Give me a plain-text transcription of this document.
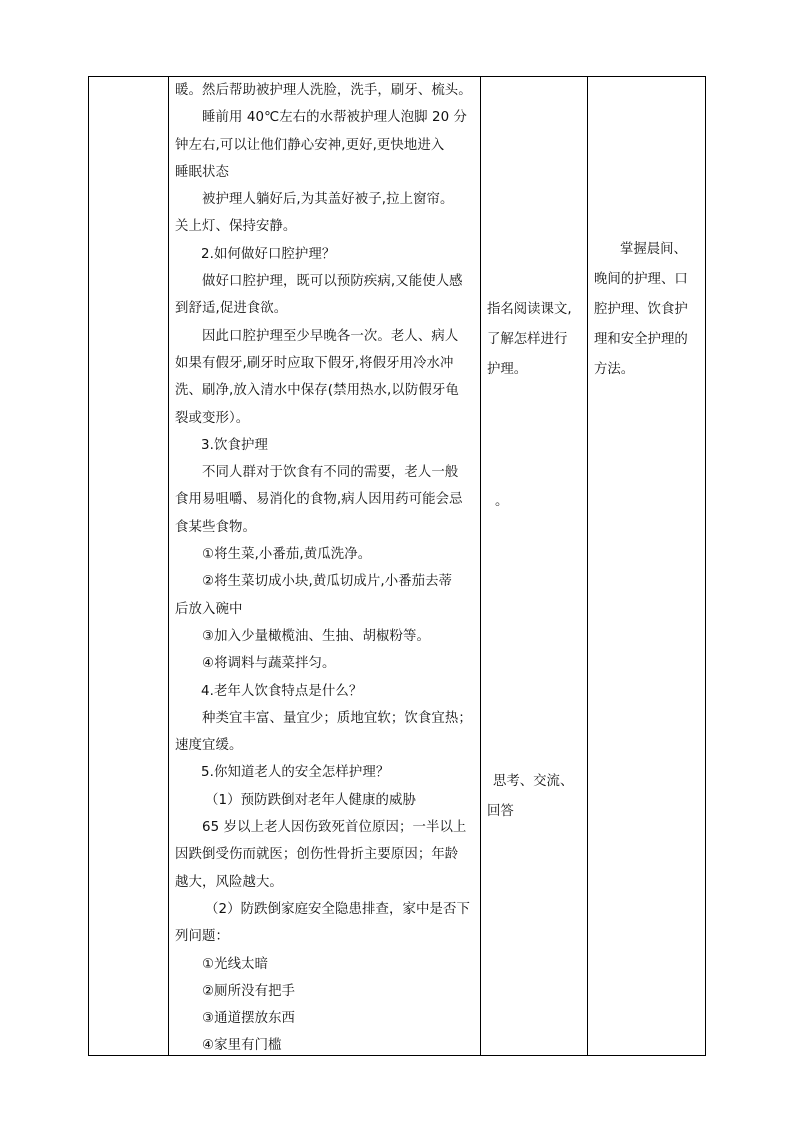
暖。然后帮助被护理人洗脸，洗手，刷牙、梳头。

睡前用 40℃左右的水帮被护理人泡脚 20 分

钟左右,可以让他们静心安神,更好,更快地进入

睡眠状态

被护理人躺好后,为其盖好被子,拉上窗帘。

关上灯、保持安静。

2.如何做好口腔护理？

做好口腔护理，既可以预防疾病,又能使人感

到舒适,促进食欲。

因此口腔护理至少早晚各一次。老人、病人

如果有假牙,刷牙时应取下假牙,将假牙用冷水冲

洗、刷净,放入清水中保存(禁用热水,以防假牙龟

裂或变形）。

3.饮食护理

不同人群对于饮食有不同的需要，老人一般

食用易咀嚼、易消化的食物,病人因用药可能会忌

食某些食物。

①将生菜,小番茄,黄瓜洗净。

②将生菜切成小块,黄瓜切成片,小番茄去蒂

后放入碗中

③加入少量橄榄油、生抽、胡椒粉等。

④将调料与蔬菜拌匀。

4.老年人饮食特点是什么？

种类宜丰富、量宜少；质地宜软；饮食宜热；

速度宜缓。

5.你知道老人的安全怎样护理？

（1）预防跌倒对老年人健康的威胁

65 岁以上老人因伤致死首位原因；一半以上

因跌倒受伤而就医；创伤性骨折主要原因；年龄

越大，风险越大。

（2）防跌倒家庭安全隐患排查，家中是否下

列问题：

①光线太暗

②厕所没有把手

③通道摆放东西

④家里有门槛

指名阅读课文,

了解怎样进行

护理。

。

思考、交流、

回答

掌握晨间、

晚间的护理、口

腔护理、饮食护

理和安全护理的

方法。
